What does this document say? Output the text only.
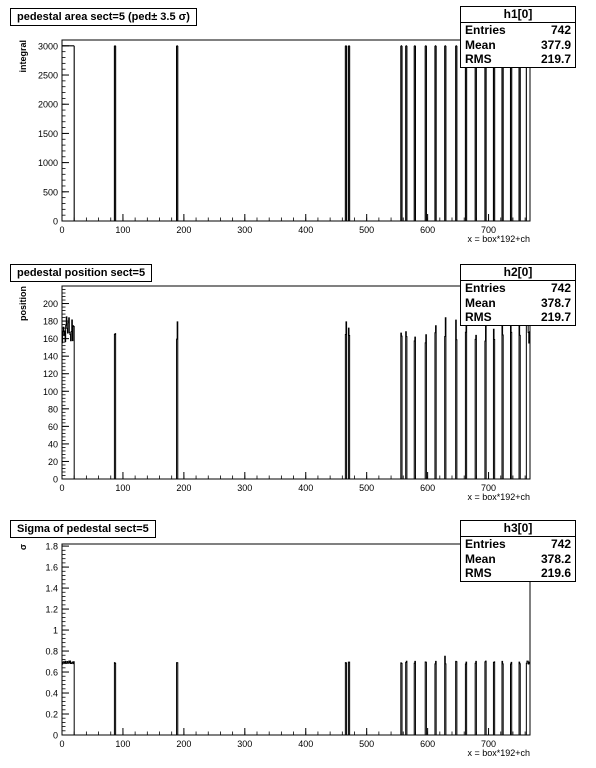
0
500
1000
1500
2000
2500
3000
0	100	200	300	400	500	600	700
x = box*192+ch
integral
0
20
40
60
80
100
120
140
160
180
200
0	100	200	300	400	500	600	700
x = box*192+ch
position
0
0.2
0.4
0.6
0.8
1
1.2
1.4
1.6
1.8
0	100	200	300	400	500	600	700
x = box*192+ch
σ
pedestal area sect=5 (ped± 3.5 σ)	h1[0]
Entries	742
Mean	377.9
RMS	219.7
pedestal position sect=5	h2[0]
Entries	742
Mean	378.7
RMS	219.7
Sigma of pedestal sect=5	h3[0]
Entries	742
Mean	378.2
RMS	219.6
